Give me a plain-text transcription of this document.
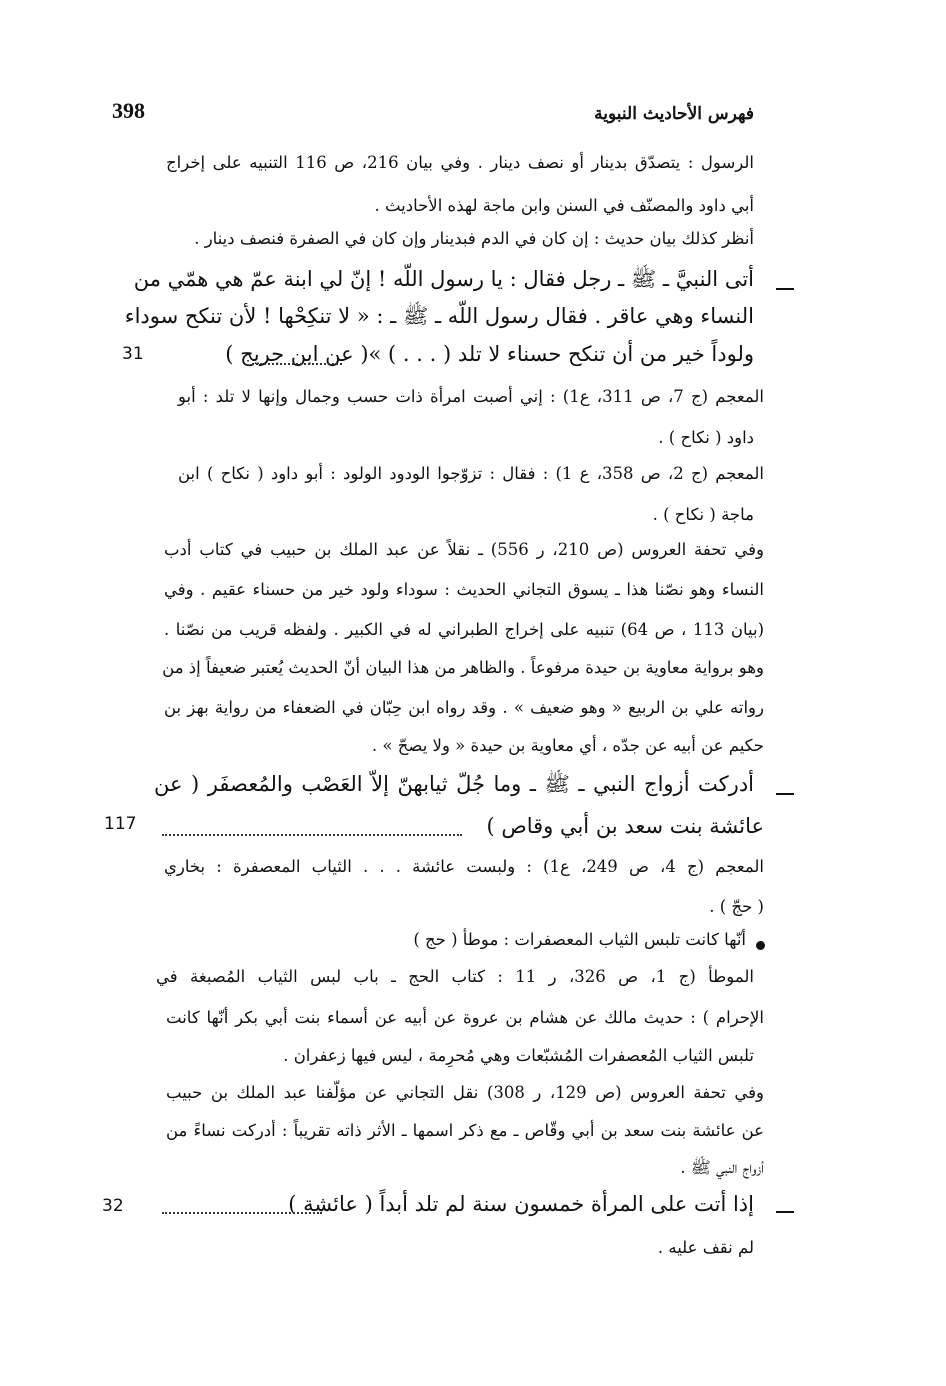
398	فهرس الأحاديث النبوية
الرسول : يتصدّق بدينار أو نصف دينار . وفي بيان 216، ص 116 التنبيه على إخراج
أبي داود والمصنّف في السنن وابن ماجة لهذه الأحاديث .
أنظر كذلك بيان حديث : إن كان في الدم فبدينار وإن كان في الصفرة فنصف دينار .
أتى النبيَّ ـ ﷺ ـ رجل فقال : يا رسول اللّه ! إنّ لي ابنة عمّ هي همّي من
النساء وهي عاقر . فقال رسول اللّه ـ ﷺ ـ : « لا تنكِحْها ! لأن تنكح سوداء
ولوداً خير من أن تنكح حسناء لا تلد ( . . . ) »( عن ابن جريج )
31
المعجم (ج 7، ص 311، ع1) : إني أصبت امرأة ذات حسب وجمال وإنها لا تلد : أبو
داود ( نكاح ) .
المعجم (ج 2، ص 358، ع 1) : فقال : تزوّجوا الودود الولود : أبو داود ( نكاح ) ابن
ماجة ( نكاح ) .
وفي تحفة العروس (ص 210، ر 556) ـ نقلاً عن عبد الملك بن حبيب في كتاب أدب
النساء وهو نصّنا هذا ـ يسوق التجاني الحديث : سوداء ولود خير من حسناء عقيم . وفي
(بيان 113 ، ص 64) تنبيه على إخراج الطبراني له في الكبير . ولفظه قريب من نصّنا .
وهو برواية معاوية بن حيدة مرفوعاً . والظاهر من هذا البيان أنّ الحديث يُعتبر ضعيفاً إذ من
رواته علي بن الربيع « وهو ضعيف » . وقد رواه ابن حِبّان في الضعفاء من رواية بهز بن
حكيم عن أبيه عن جدّه ، أي معاوية بن حيدة « ولا يصحّ » .
أدركت أزواج النبي ـ ﷺ ـ وما جُلّ ثيابهنّ إلاّ العَصْب والمُعصفَر ( عن
عائشة بنت سعد بن أبي وقاص )
117
المعجم (ج 4، ص 249، ع1) : ولبست عائشة . . . الثياب المعصفرة : بخاري
( حجّ ) .
أنّها كانت تلبس الثياب المعصفرات : موطأ ( حج )
الموطأ (ج 1، ص 326، ر 11 : كتاب الحج ـ باب لبس الثياب المُصبغة في
الإحرام ) : حديث مالك عن هشام بن عروة عن أبيه عن أسماء بنت أبي بكر أنّها كانت
تلبس الثياب المُعصفرات المُشبّعات وهي مُحرِمة ، ليس فيها زعفران .
وفي تحفة العروس (ص 129، ر 308) نقل التجاني عن مؤلّفنا عبد الملك بن حبيب
عن عائشة بنت سعد بن أبي وقّاص ـ مع ذكر اسمها ـ الأثر ذاته تقريباً : أدركت نساءً من
أزواج النبي ﷺ .
إذا أتت على المرأة خمسون سنة لم تلد أبداً ( عائشة )
32
لم نقف عليه .
